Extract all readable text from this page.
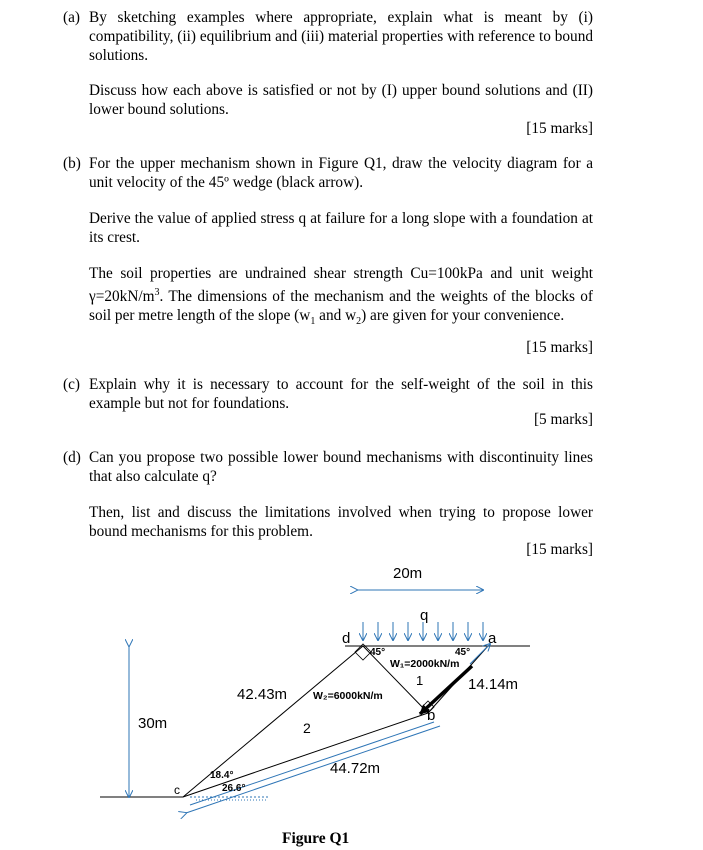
(a) By sketching examples where appropriate, explain what is meant by (i) compatibility, (ii) equilibrium and (iii) material properties with reference to bound solutions.
Discuss how each above is satisfied or not by (I) upper bound solutions and (II) lower bound solutions.
[15 marks]
(b) For the upper mechanism shown in Figure Q1, draw the velocity diagram for a unit velocity of the 45º wedge (black arrow).
Derive the value of applied stress q at failure for a long slope with a foundation at its crest.
The soil properties are undrained shear strength Cu=100kPa and unit weight $\gamma=20kN/m^3$. The dimensions of the mechanism and the weights of the blocks of soil per metre length of the slope ($w_1$ and $w_2$) are given for your convenience.
[15 marks]
(c) Explain why it is necessary to account for the self-weight of the soil in this example but not for foundations.
[5 marks]
(d) Can you propose two possible lower bound mechanisms with discontinuity lines that also calculate q?
Then, list and discuss the limitations involved when trying to propose lower bound mechanisms for this problem.
[15 marks]
20m
q
a
d
b
c
45°	45°
W₁=2000kN/m
1	14.14m
42.43m W₂=6000kN/m
30m	2
44.72m
18.4°
26.6°
Figure Q1
